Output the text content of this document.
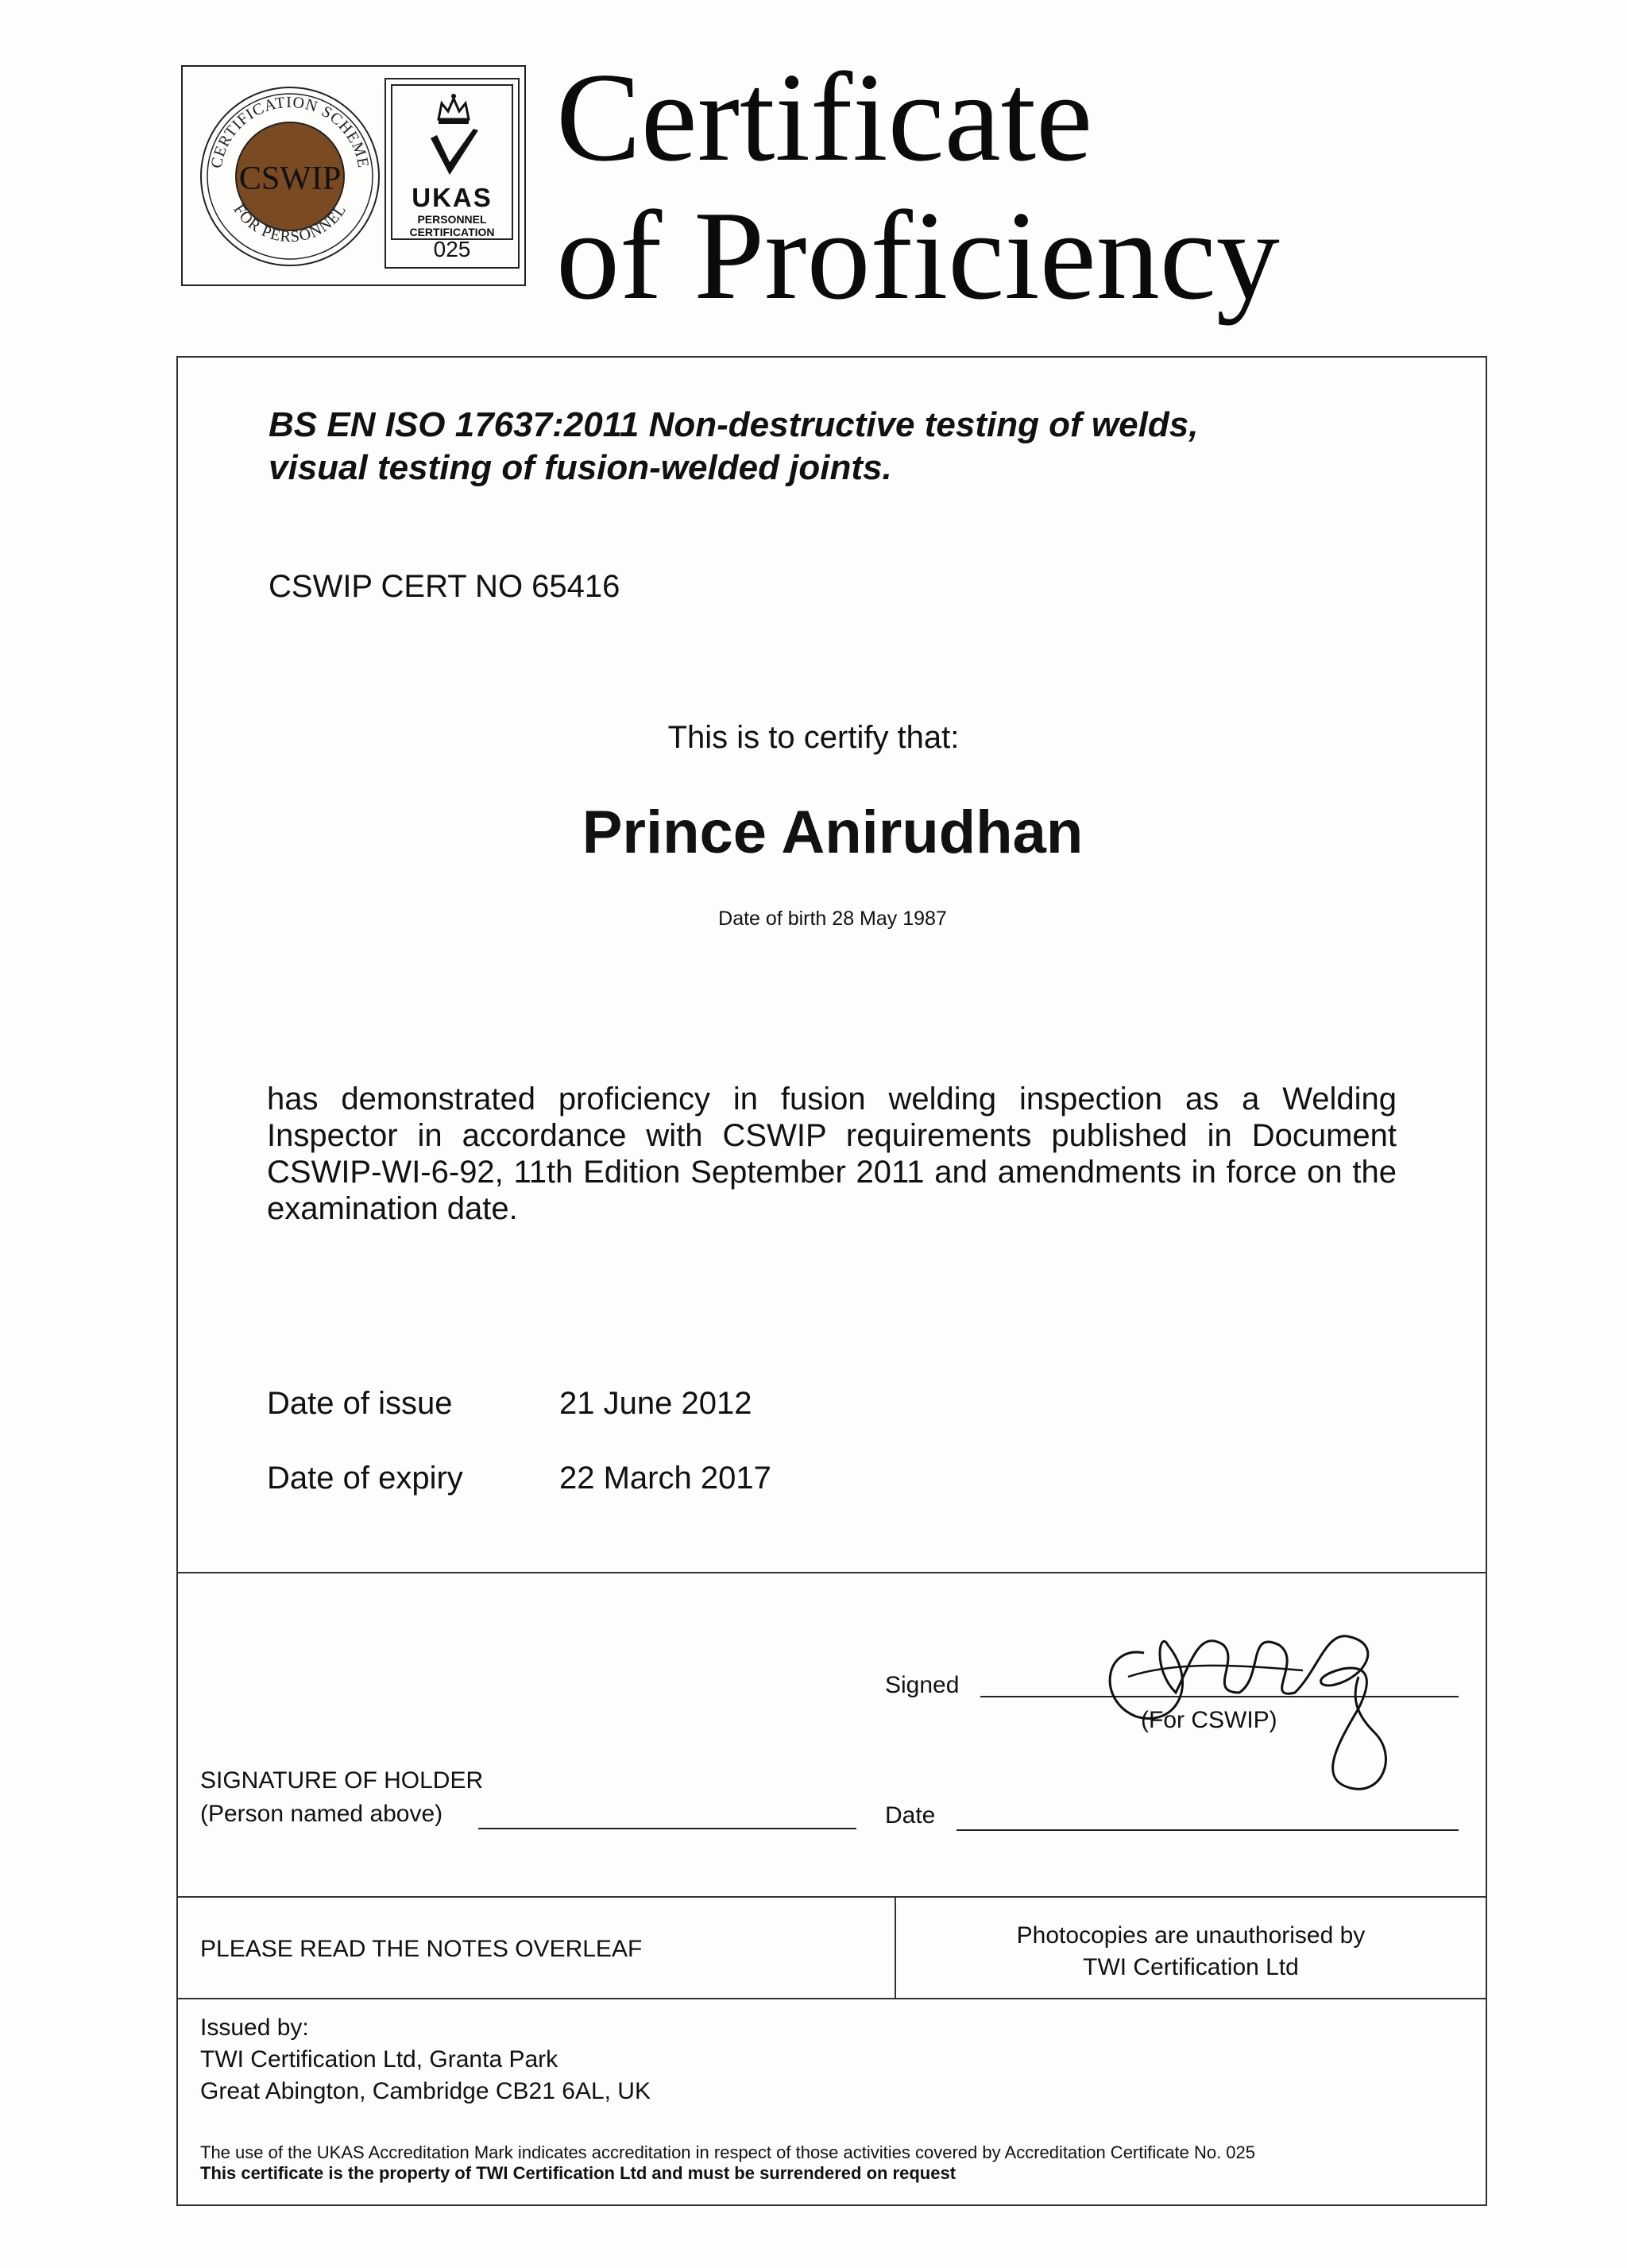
CERTIFICATION SCHEME
FOR PERSONNEL
CSWIP
UKAS
PERSONNEL
CERTIFICATION
025
Certificate
of Proficiency
BS EN ISO 17637:2011 Non-destructive testing of welds,
visual testing of fusion-welded joints.
CSWIP CERT NO 65416
This is to certify that:
Prince Anirudhan
Date of birth 28 May 1987
has demonstrated proficiency in fusion welding inspection as a Welding Inspector in accordance with CSWIP requirements published in Document CSWIP-WI-6-92, 11th Edition September 2011 and amendments in force on the examination date.
Date of issue	21 June 2012
Date of expiry	22 March 2017
Signed
(For CSWIP)
SIGNATURE OF HOLDER
(Person named above)	Date
PLEASE READ THE NOTES OVERLEAF
Photocopies are unauthorised by
TWI Certification Ltd
Issued by:
TWI Certification Ltd, Granta Park
Great Abington, Cambridge CB21 6AL, UK
The use of the UKAS Accreditation Mark indicates accreditation in respect of those activities covered by Accreditation Certificate No. 025
This certificate is the property of TWI Certification Ltd and must be surrendered on request
